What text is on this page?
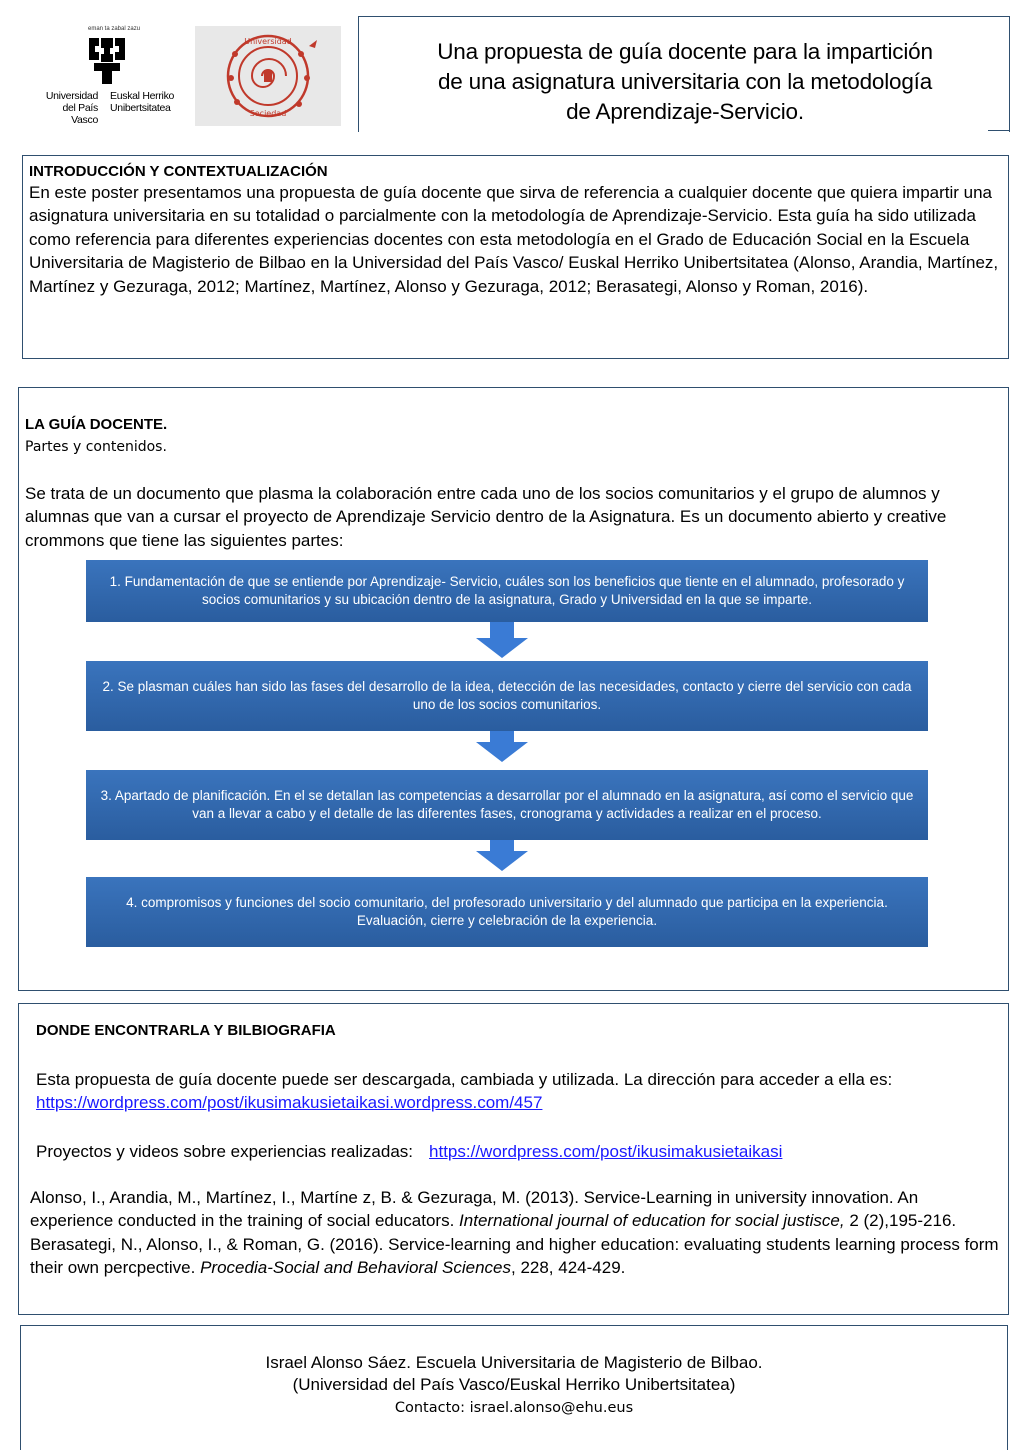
eman ta zabal zazu
Universidad
del País Vasco
Euskal Herriko
Unibertsitatea
Universidad
Sociedad
Una propuesta de guía docente para la impartición
de una asignatura universitaria con la metodología
de Aprendizaje-Servicio.
INTRODUCCIÓN Y CONTEXTUALIZACIÓN

En este poster presentamos una propuesta de guía docente que sirva de referencia a cualquier docente que quiera impartir una asignatura universitaria en su totalidad o parcialmente con la metodología de Aprendizaje-Servicio. Esta guía ha sido utilizada como referencia para diferentes experiencias docentes con esta metodología en el Grado de Educación Social en la Escuela Universitaria de Magisterio de Bilbao en la Universidad del País Vasco/ Euskal Herriko Unibertsitatea (Alonso, Arandia, Martínez, Martínez y Gezuraga, 2012; Martínez, Martínez, Alonso y Gezuraga, 2012; Berasategi, Alonso y Roman, 2016).

LA GUÍA DOCENTE.
Partes y contenidos.
Se trata de un documento que plasma la colaboración entre cada uno de los socios comunitarios y el grupo de alumnos y alumnas que van a cursar el proyecto de Aprendizaje Servicio dentro de la Asignatura. Es un documento abierto y creative crommons que tiene las siguientes partes:
1. Fundamentación de que se entiende por Aprendizaje- Servicio, cuáles son los beneficios que tiente en el alumnado, profesorado y socios comunitarios y su ubicación dentro de la asignatura, Grado y Universidad en la que se imparte.
2. Se plasman cuáles han sido las fases del desarrollo de la idea, detección de las necesidades, contacto y cierre del servicio con cada uno de los socios comunitarios.
3. Apartado de planificación. En el se detallan las competencias a desarrollar por el alumnado en la asignatura, así como el servicio que van a llevar a cabo y el detalle de las diferentes fases, cronograma y actividades a realizar en el proceso.
4. compromisos y funciones del socio comunitario, del profesorado universitario y del alumnado que participa en la experiencia. Evaluación, cierre y celebración de la experiencia.
DONDE ENCONTRARLA Y BILBIOGRAFIA
Esta propuesta de guía docente puede ser descargada, cambiada y utilizada. La dirección para acceder a ella es:https://wordpress.com/post/ikusimakusietaikasi.wordpress.com/457
Proyectos y videos sobre experiencias realizadas: https://wordpress.com/post/ikusimakusietaikasi
Alonso, I., Arandia, M., Martínez, I., Martíne z, B. & Gezuraga, M. (2013). Service-Learning in university innovation. An experience conducted in the training of social educators. International journal of education for social justisce, 2 (2),195-216.
Berasategi, N., Alonso, I., & Roman, G. (2016). Service-learning and higher education: evaluating students learning process form their own percpective. Procedia-Social and Behavioral Sciences, 228, 424-429.
Israel Alonso Sáez. Escuela Universitaria de Magisterio de Bilbao.
(Universidad del País Vasco/Euskal Herriko Unibertsitatea)
Contacto: israel.alonso@ehu.eus
